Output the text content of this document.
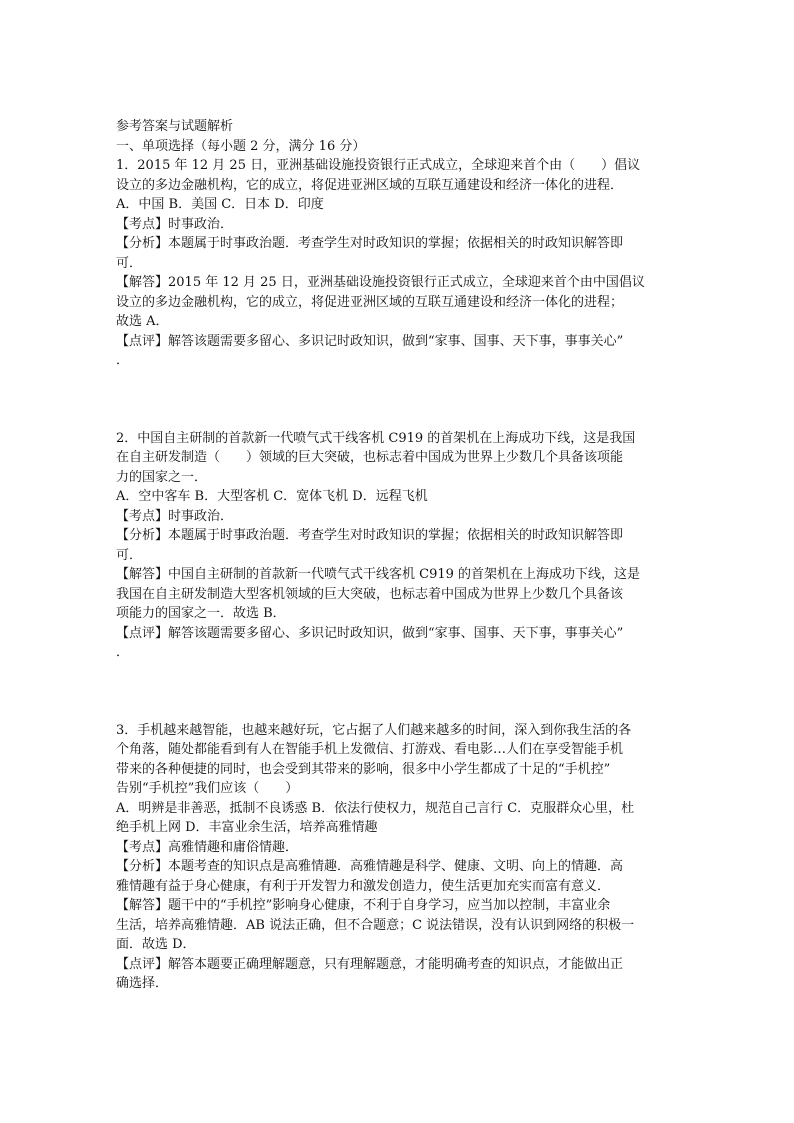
参考答案与试题解析

一、单项选择（每小题 2 分，满分 16 分）

1．2015 年 12 月 25 日，亚洲基础设施投资银行正式成立，全球迎来首个由（　　）倡议

设立的多边金融机构，它的成立，将促进亚洲区域的互联互通建设和经济一体化的进程．

A．中国 B．美国 C．日本 D．印度

【考点】时事政治．

【分析】本题属于时事政治题．考查学生对时政知识的掌握；依据相关的时政知识解答即

可．

【解答】2015 年 12 月 25 日，亚洲基础设施投资银行正式成立，全球迎来首个由中国倡议

设立的多边金融机构，它的成立，将促进亚洲区域的互联互通建设和经济一体化的进程；

故选 A．

【点评】解答该题需要多留心、多识记时政知识，做到“家事、国事、天下事，事事关心”

．

2．中国自主研制的首款新一代喷气式干线客机 C919 的首架机在上海成功下线，这是我国

在自主研发制造（　　）领域的巨大突破，也标志着中国成为世界上少数几个具备该项能

力的国家之一．

A．空中客车 B．大型客机 C．宽体飞机 D．远程飞机

【考点】时事政治．

【分析】本题属于时事政治题．考查学生对时政知识的掌握；依据相关的时政知识解答即

可．

【解答】中国自主研制的首款新一代喷气式干线客机 C919 的首架机在上海成功下线，这是

我国在自主研发制造大型客机领域的巨大突破，也标志着中国成为世界上少数几个具备该

项能力的国家之一．故选 B．

【点评】解答该题需要多留心、多识记时政知识，做到“家事、国事、天下事，事事关心”

．

3．手机越来越智能，也越来越好玩，它占据了人们越来越多的时间，深入到你我生活的各

个角落，随处都能看到有人在智能手机上发微信、打游戏、看电影…人们在享受智能手机

带来的各种便捷的同时，也会受到其带来的影响，很多中小学生都成了十足的“手机控”

告别“手机控”我们应该（　　）

A．明辨是非善恶，抵制不良诱惑 B．依法行使权力，规范自己言行 C．克服群众心里，杜

绝手机上网 D．丰富业余生活，培养高雅情趣

【考点】高雅情趣和庸俗情趣．

【分析】本题考查的知识点是高雅情趣．高雅情趣是科学、健康、文明、向上的情趣．高

雅情趣有益于身心健康，有利于开发智力和激发创造力，使生活更加充实而富有意义．

【解答】题干中的“手机控”影响身心健康，不利于自身学习，应当加以控制，丰富业余

生活，培养高雅情趣．AB 说法正确，但不合题意；C 说法错误，没有认识到网络的积极一

面．故选 D．

【点评】解答本题要正确理解题意，只有理解题意，才能明确考查的知识点，才能做出正

确选择．
